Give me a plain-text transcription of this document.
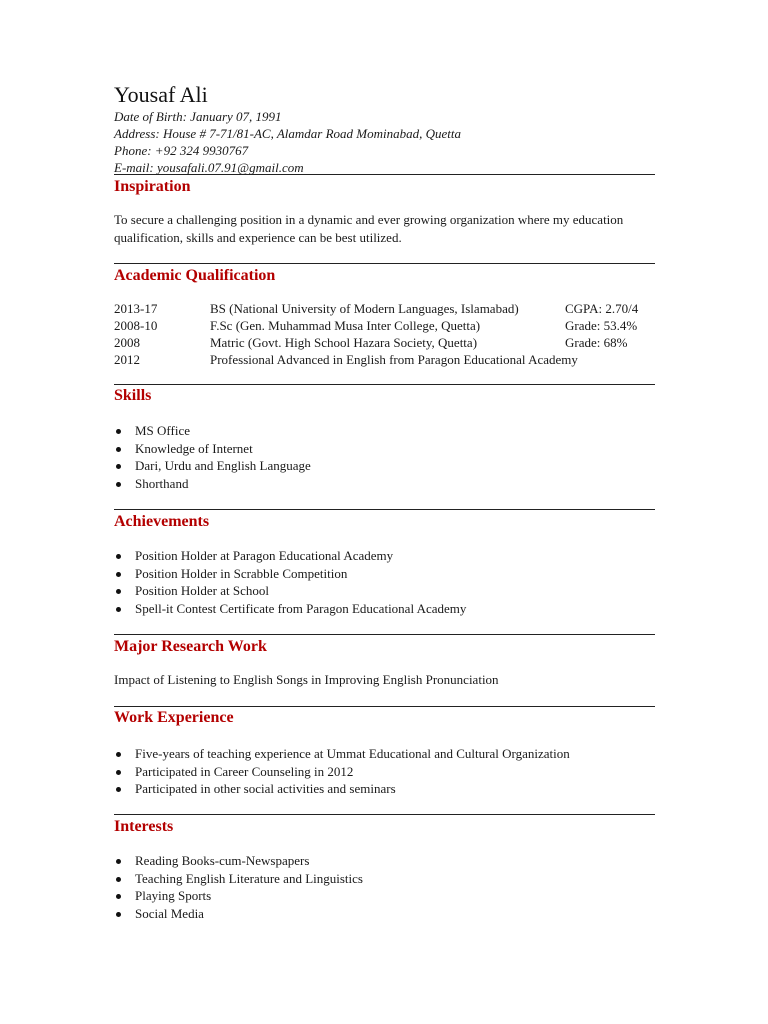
Yousaf Ali
Date of Birth: January 07, 1991
Address: House # 7-71/81-AC, Alamdar Road Mominabad, Quetta
Phone: +92 324 9930767
E-mail: yousafali.07.91@gmail.com
Inspiration
To secure a challenging position in a dynamic and ever growing organization where my education qualification, skills and experience can be best utilized.
Academic Qualification
2013-17	BS (National University of Modern Languages, Islamabad)	CGPA: 2.70/4
2008-10	F.Sc (Gen. Muhammad Musa Inter College, Quetta)	Grade: 53.4%
2008	Matric (Govt. High School Hazara Society, Quetta)	Grade: 68%
2012	Professional Advanced in English from Paragon Educational Academy
Skills
MS Office
Knowledge of Internet
Dari, Urdu and English Language
Shorthand
Achievements
Position Holder at Paragon Educational Academy
Position Holder in Scrabble Competition
Position Holder at School
Spell-it Contest Certificate from Paragon Educational Academy
Major Research Work
Impact of Listening to English Songs in Improving English Pronunciation
Work Experience
Five-years of teaching experience at Ummat Educational and Cultural Organization
Participated in Career Counseling in 2012
Participated in other social activities and seminars
Interests
Reading Books-cum-Newspapers
Teaching English Literature and Linguistics
Playing Sports
Social Media
